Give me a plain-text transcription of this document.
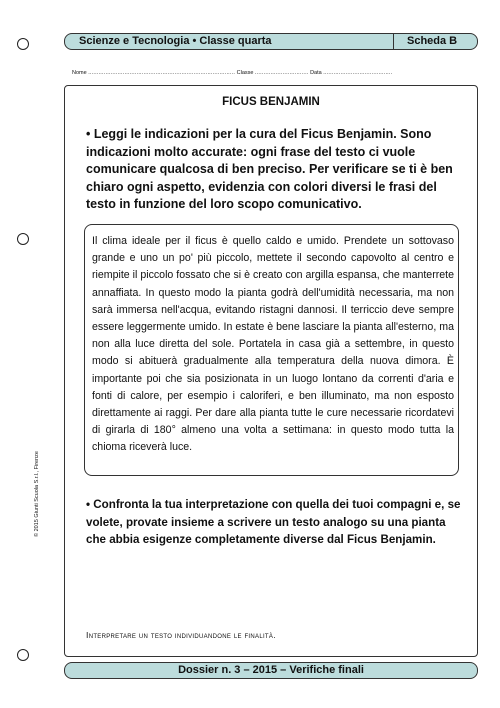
Scienze e Tecnologia • Classe quarta	Scheda B
Nome ..................................................................................... Classe ............................... Data ........................................
FICUS BENJAMIN
• Leggi le indicazioni per la cura del Ficus Benjamin. Sono indicazioni molto accurate: ogni frase del testo ci vuole comunicare qualcosa di ben preciso. Per verificare se ti è ben chiaro ogni aspetto, evidenzia con colori diversi le frasi del testo in funzione del loro scopo comunicativo.
Il clima ideale per il ficus è quello caldo e umido. Prendete un sottovaso grande e uno un po' più piccolo, mettete il secondo capovolto al centro e riempite il piccolo fossato che si è creato con argilla espansa, che manterrete annaffiata. In questo modo la pianta godrà dell'umidità necessaria, ma non sarà immersa nell'acqua, evitando ristagni dannosi. Il terriccio deve sempre essere leggermente umido. In estate è bene lasciare la pianta all'esterno, ma non alla luce diretta del sole. Portatela in casa già a settembre, in questo modo si abituerà gradualmente alla temperatura della nuova dimora. È importante poi che sia posizionata in un luogo lontano da correnti d'aria e fonti di calore, per esempio i caloriferi, e ben illuminato, ma non esposto direttamente ai raggi. Per dare alla pianta tutte le cure necessarie ricordatevi di girarla di 180° almeno una volta a settimana: in questo modo tutta la chioma riceverà luce.
• Confronta la tua interpretazione con quella dei tuoi compagni e, se volete, provate insieme a scrivere un testo analogo su una pianta che abbia esigenze completamente diverse dal Ficus Benjamin.
Interpretare un testo individuandone le finalità.
© 2015 Giunti Scuola S.r.l., Firenze
Dossier n. 3 – 2015 – Verifiche finali
